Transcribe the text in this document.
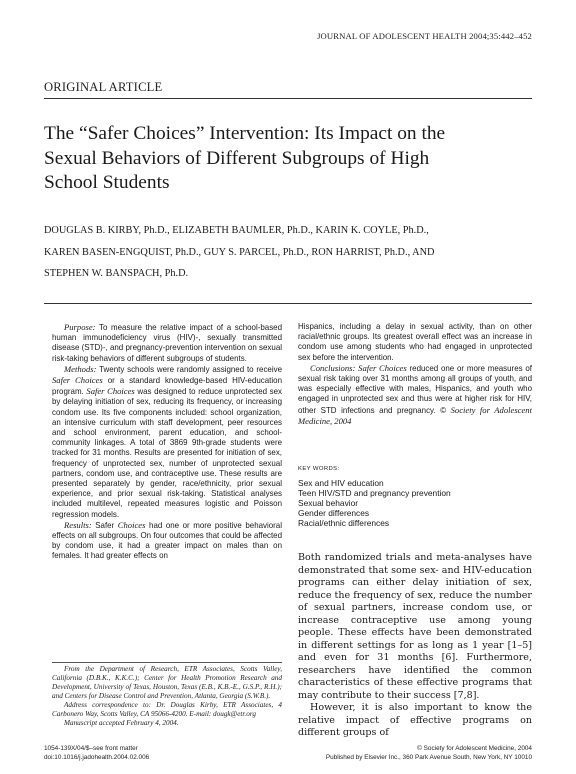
JOURNAL OF ADOLESCENT HEALTH 2004;35:442–452
ORIGINAL ARTICLE
The “Safer Choices” Intervention: Its Impact on the
Sexual Behaviors of Different Subgroups of High
School Students
DOUGLAS B. KIRBY, Ph.D., ELIZABETH BAUMLER, Ph.D., KARIN K. COYLE, Ph.D.,
KAREN BASEN-ENGQUIST, Ph.D., GUY S. PARCEL, Ph.D., RON HARRIST, Ph.D., AND
STEPHEN W. BANSPACH, Ph.D.

Purpose: To measure the relative impact of a school-based human immunodeficiency virus (HIV)-, sexually transmitted disease (STD)-, and pregnancy-prevention intervention on sexual risk-taking behaviors of different subgroups of students.

Methods: Twenty schools were randomly assigned to receive Safer Choices or a standard knowledge-based HIV-education program. Safer Choices was designed to reduce unprotected sex by delaying initiation of sex, reducing its frequency, or increasing condom use. Its five components included: school organization, an intensive curriculum with staff development, peer resources and school environment, parent education, and school-community linkages. A total of 3869 9th-grade students were tracked for 31 months. Results are presented for initiation of sex, frequency of unprotected sex, number of unprotected sexual partners, condom use, and contraceptive use. These results are presented separately by gender, race/ethnicity, prior sexual experience, and prior sexual risk-taking. Statistical analyses included multilevel, repeated measures logistic and Poisson regression models.

Results: Safer Choices had one or more positive behavioral effects on all subgroups. On four outcomes that could be affected by condom use, it had a greater impact on males than on females. It had greater effects on

Hispanics, including a delay in sexual activity, than on other racial/ethnic groups. Its greatest overall effect was an increase in condom use among students who had engaged in unprotected sex before the intervention.

Conclusions: Safer Choices reduced one or more measures of sexual risk taking over 31 months among all groups of youth, and was especially effective with males, Hispanics, and youth who engaged in unprotected sex and thus were at higher risk for HIV, other STD infections and pregnancy. © Society for Adolescent Medicine, 2004

KEY WORDS:
Sex and HIV education
Teen HIV/STD and pregnancy prevention
Sexual behavior
Gender differences
Racial/ethnic differences

Both randomized trials and meta-analyses have demonstrated that some sex- and HIV-education programs can either delay initiation of sex, reduce the frequency of sex, reduce the number of sexual partners, increase condom use, or increase contraceptive use among young people. These effects have been demonstrated in different settings for as long as 1 year [1–5] and even for 31 months [6]. Furthermore, researchers have identified the common characteristics of these effective programs that may contribute to their success [7,8].

However, it is also important to know the relative impact of effective programs on different groups of

From the Department of Research, ETR Associates, Scotts Valley, California (D.B.K., K.K.C.); Center for Health Promotion Research and Development, University of Texas, Houston, Texas (E.B., K.B.-E., G.S.P., R.H.); and Centers for Disease Control and Prevention, Atlanta, Georgia (S.W.B.).

Address correspondence to: Dr. Douglas Kirby, ETR Associates, 4 Carbonero Way, Scotts Valley, CA 95066-4200. E-mail: dougk@etr.org

Manuscript accepted February 4, 2004.

1054-139X/04/$–see front matter
doi:10.1016/j.jadohealth.2004.02.006
© Society for Adolescent Medicine, 2004
Published by Elsevier Inc., 360 Park Avenue South, New York, NY 10010
